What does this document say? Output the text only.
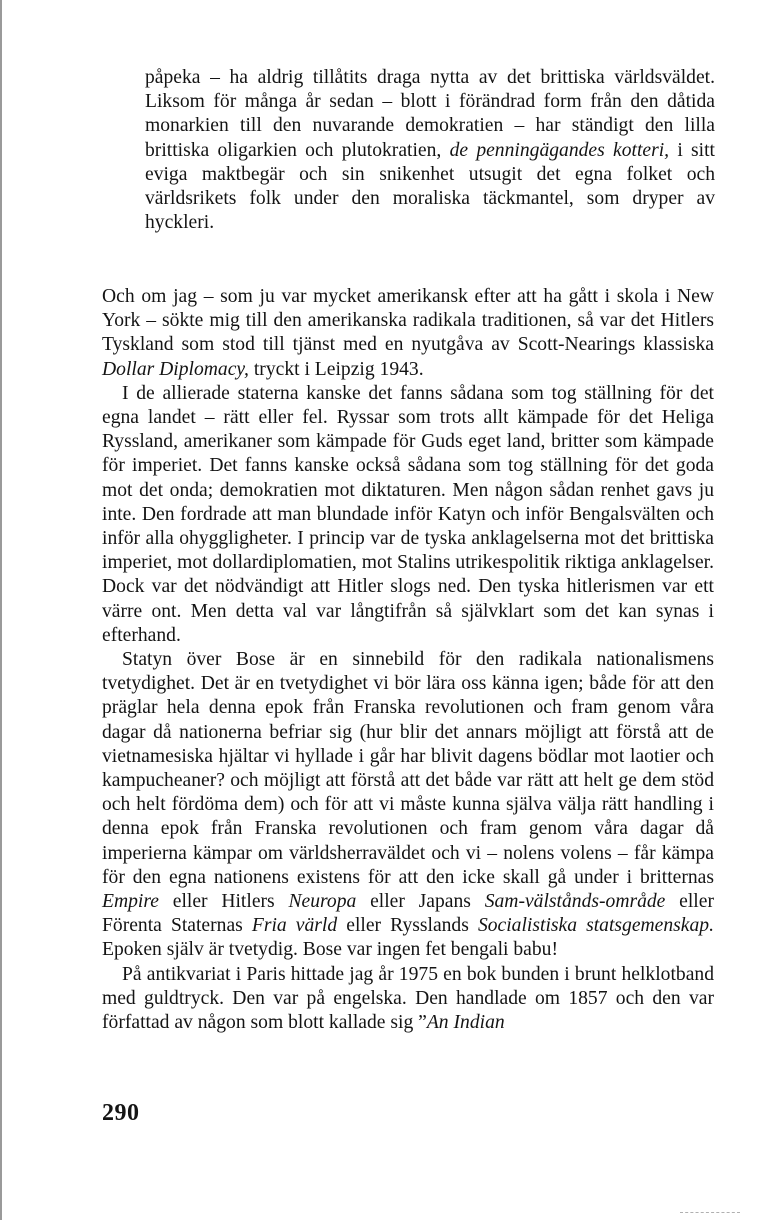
påpeka – ha aldrig tillåtits draga nytta av det brittiska världsväldet. Liksom för många år sedan – blott i förändrad form från den dåtida monarkien till den nuvarande demokratien – har ständigt den lilla brittiska oligarkien och plutokratien, de penningägandes kotteri, i sitt eviga maktbegär och sin snikenhet utsugit det egna folket och världsrikets folk under den moraliska täckmantel, som dryper av hyckleri.

Och om jag – som ju var mycket amerikansk efter att ha gått i skola i New York – sökte mig till den amerikanska radikala traditionen, så var det Hitlers Tyskland som stod till tjänst med en nyutgåva av Scott-Nearings klassiska Dollar Diplomacy, tryckt i Leipzig 1943.

I de allierade staterna kanske det fanns sådana som tog ställning för det egna landet – rätt eller fel. Ryssar som trots allt kämpade för det Heliga Ryssland, amerikaner som kämpade för Guds eget land, britter som kämpade för imperiet. Det fanns kanske också sådana som tog ställning för det goda mot det onda; demokratien mot diktaturen. Men någon sådan renhet gavs ju inte. Den fordrade att man blundade inför Katyn och inför Bengalsvälten och inför alla ohyggligheter. I princip var de tyska anklagelserna mot det brittiska imperiet, mot dollardiplomatien, mot Stalins utrikespolitik riktiga anklagelser. Dock var det nödvändigt att Hitler slogs ned. Den tyska hitlerismen var ett värre ont. Men detta val var långtifrån så självklart som det kan synas i efterhand.

Statyn över Bose är en sinnebild för den radikala nationalismens tvetydighet. Det är en tvetydighet vi bör lära oss känna igen; både för att den präglar hela denna epok från Franska revolutionen och fram genom våra dagar då nationerna befriar sig (hur blir det annars möjligt att förstå att de vietnamesiska hjältar vi hyllade i går har blivit dagens bödlar mot laotier och kampucheaner? och möjligt att förstå att det både var rätt att helt ge dem stöd och helt fördöma dem) och för att vi måste kunna själva välja rätt handling i denna epok från Franska revolutionen och fram genom våra dagar då imperierna kämpar om världsherraväldet och vi – nolens volens – får kämpa för den egna nationens existens för att den icke skall gå under i britternas Empire eller Hitlers Neuropa eller Japans Sam-välstånds-område eller Förenta Staternas Fria värld eller Rysslands Socialistiska statsgemenskap. Epoken själv är tvetydig. Bose var ingen fet bengali babu!

På antikvariat i Paris hittade jag år 1975 en bok bunden i brunt helklotband med guldtryck. Den var på engelska. Den handlade om 1857 och den var författad av någon som blott kallade sig ”An Indian

290
